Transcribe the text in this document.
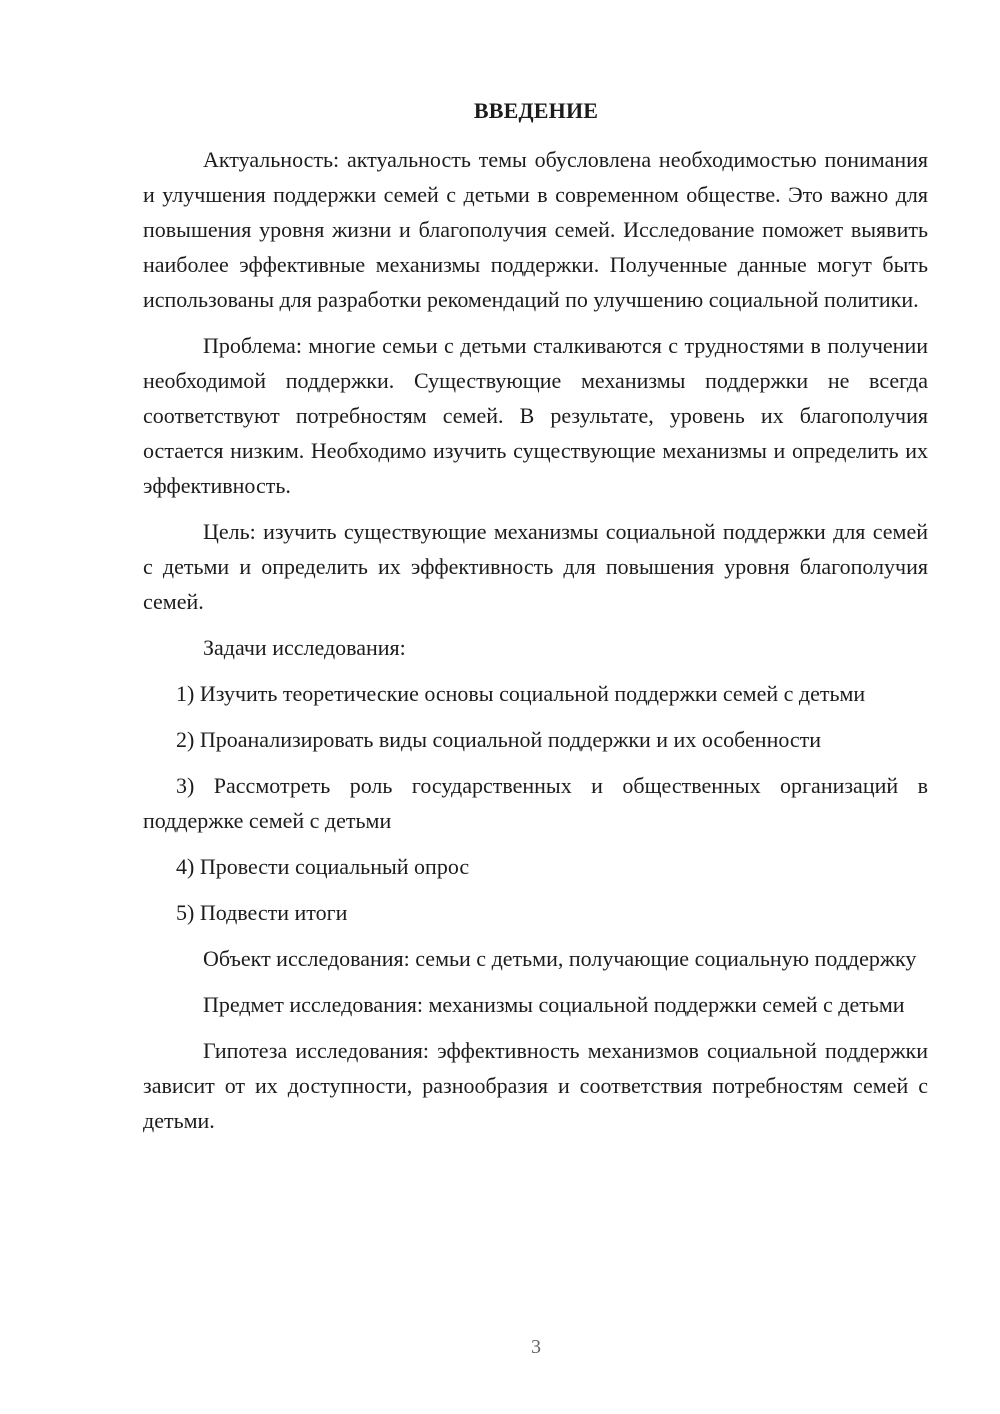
ВВЕДЕНИЕ

Актуальность: актуальность темы обусловлена необходимостью понимания и улучшения поддержки семей с детьми в современном обществе. Это важно для повышения уровня жизни и благополучия семей. Исследование поможет выявить наиболее эффективные механизмы поддержки. Полученные данные могут быть использованы для разработки рекомендаций по улучшению социальной политики.

Проблема: многие семьи с детьми сталкиваются с трудностями в получении необходимой поддержки. Существующие механизмы поддержки не всегда соответствуют потребностям семей. В результате, уровень их благополучия остается низким. Необходимо изучить существующие механизмы и определить их эффективность.

Цель: изучить существующие механизмы социальной поддержки для семей с детьми и определить их эффективность для повышения уровня благополучия семей.

Задачи исследования:

1) Изучить теоретические основы социальной поддержки семей с детьми

2) Проанализировать виды социальной поддержки и их особенности

3) Рассмотреть роль государственных и общественных организаций в поддержке семей с детьми

4) Провести социальный опрос

5) Подвести итоги

Объект исследования: семьи с детьми, получающие социальную поддержку

Предмет исследования: механизмы социальной поддержки семей с детьми

Гипотеза исследования: эффективность механизмов социальной поддержки зависит от их доступности, разнообразия и соответствия потребностям семей с детьми.

3
